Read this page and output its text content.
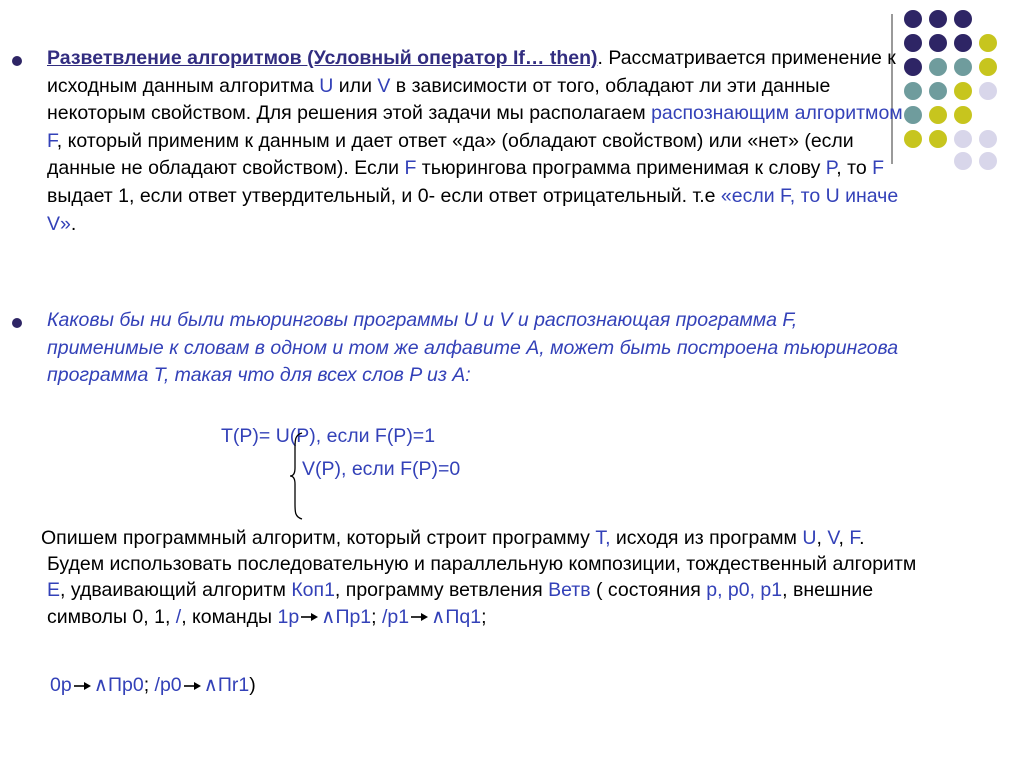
Разветвление алгоритмов (Условный оператор If… then). Рассматривается применение к исходным данным алгоритма U или V в зависимости от того, обладают ли эти данные некоторым свойством. Для решения этой задачи мы располагаем распознающим алгоритмом F, который применим к данным и дает ответ «да» (обладают свойством) или «нет» (если данные не обладают свойством). Если F тьюрингова программа применимая к слову P, то F выдает 1, если ответ утвердительный, и 0- если ответ отрицательный. т.е «если F, то U иначе V».
Каковы бы ни были тьюринговы программы U и V и распознающая программа F, применимые к словам в одном и том же алфавите A, может быть построена тьюрингова программа T, такая что для всех слов P из A:
T(P)= U(P), если F(P)=1
V(P), если F(P)=0
Опишем программный алгоритм, который строит программу T, исходя из программ U, V, F. Будем использовать последовательную и параллельную композиции, тождественный алгоритм E, удваивающий алгоритм Коп1, программу ветвления Ветв ( состояния p, p0, p1, внешние символы 0, 1, /, команды 1p ∧Пp1; /p1 ∧Пq1;
0p ∧Пp0; /p0 ∧Пr1)
